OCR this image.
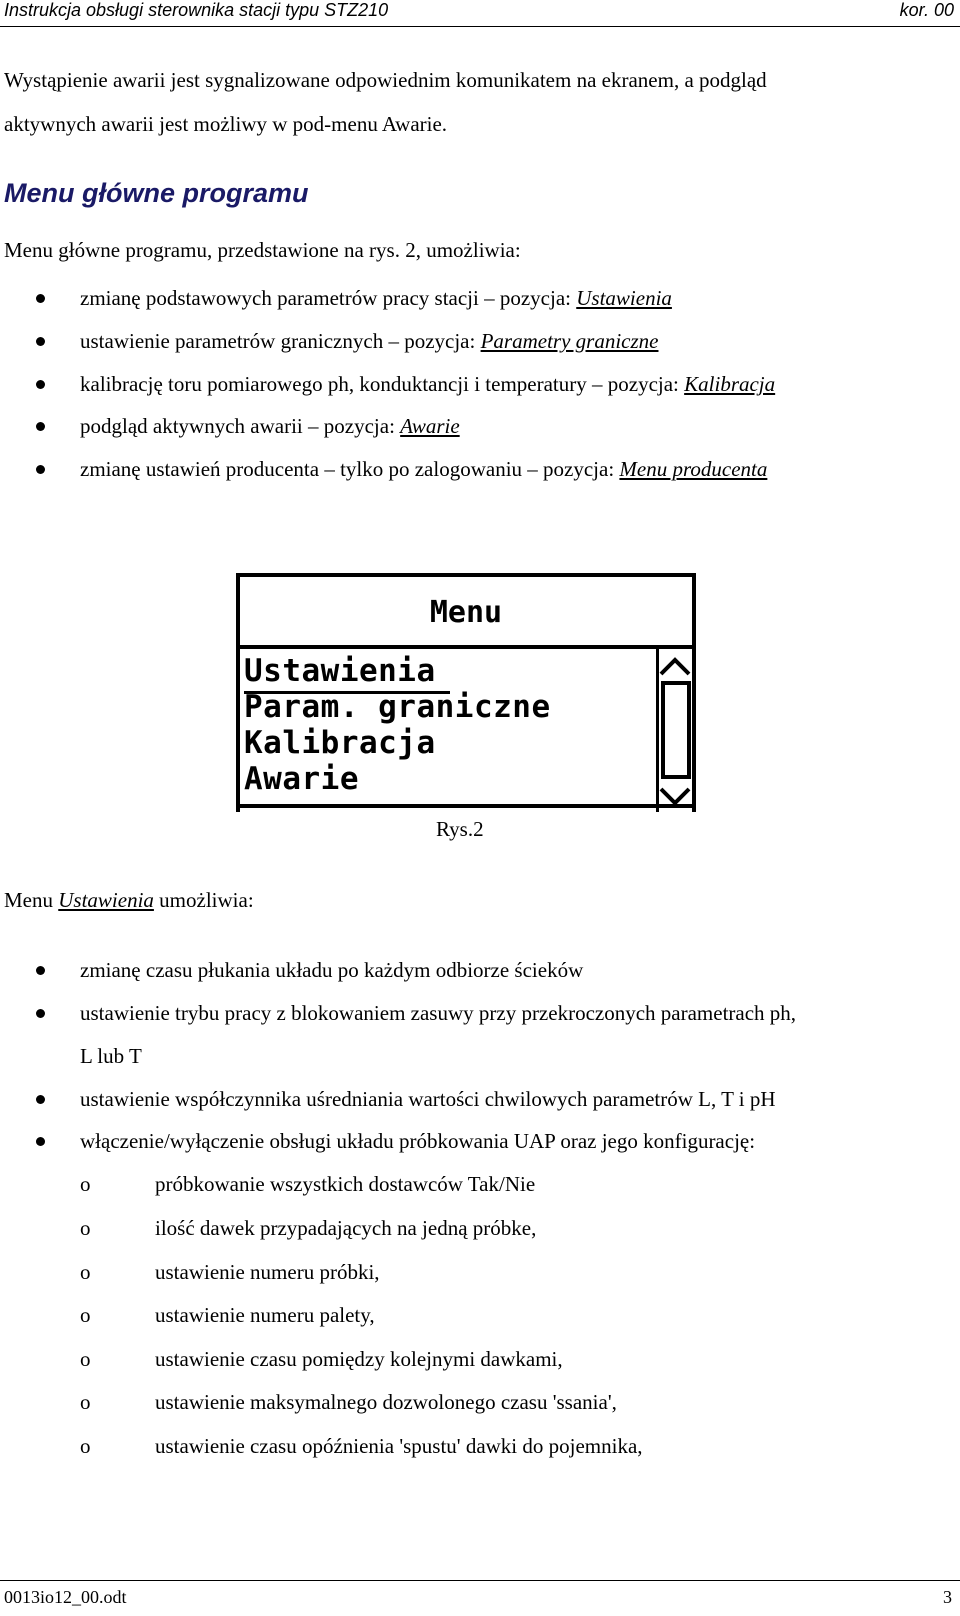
Instrukcja obsługi sterownika stacji typu STZ210	kor. 00
Wystąpienie awarii jest sygnalizowane odpowiednim komunikatem na ekranem, a podgląd
aktywnych awarii jest możliwy w pod-menu Awarie.
Menu główne programu
Menu główne programu, przedstawione na rys. 2, umożliwia:
zmianę podstawowych parametrów pracy stacji – pozycja: Ustawienia
ustawienie parametrów granicznych – pozycja: Parametry graniczne
kalibrację toru pomiarowego ph, konduktancji i temperatury – pozycja: Kalibracja
podgląd aktywnych awarii – pozycja: Awarie
zmianę ustawień producenta – tylko po zalogowaniu – pozycja: Menu producenta
Menu
Ustawienia
Param. graniczne
Kalibracja
Awarie
Rys.2
Menu Ustawienia umożliwia:
zmianę czasu płukania układu po każdym odbiorze ścieków
ustawienie trybu pracy z blokowaniem zasuwy przy przekroczonych parametrach ph,
L lub T
ustawienie współczynnika uśredniania wartości chwilowych parametrów L, T i pH
włączenie/wyłączenie obsługi układu próbkowania UAP oraz jego konfigurację:
o	próbkowanie wszystkich dostawców Tak/Nie
o	ilość dawek przypadających na jedną próbke,
o	ustawienie numeru próbki,
o	ustawienie numeru palety,
o	ustawienie czasu pomiędzy kolejnymi dawkami,
o	ustawienie maksymalnego dozwolonego czasu 'ssania',
o	ustawienie czasu opóźnienia 'spustu' dawki do pojemnika,
0013io12_00.odt	3
